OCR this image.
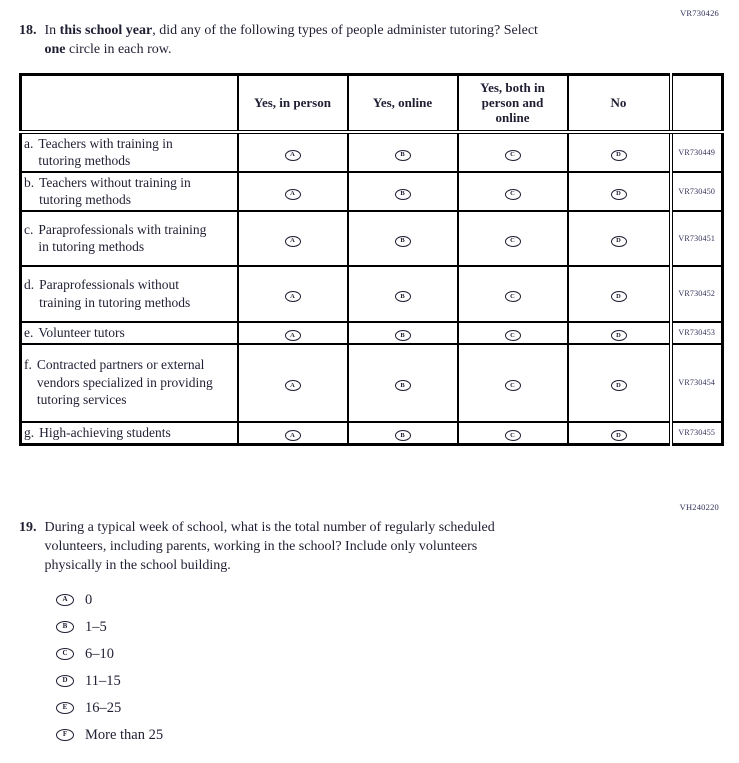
VR730426
18. In this school year, did any of the following types of people administer tutoring? Select
one circle in each row.
	Yes, in person	Yes, online	Yes, both in person and online	No	

a. Teachers with training in tutoring methods	A	B	C	D	VR730449

b. Teachers without training in tutoring methods	A	B	C	D	VR730450

c. Paraprofessionals with training in tutoring methods	A	B	C	D	VR730451

d. Paraprofessionals without training in tutoring methods	A	B	C	D	VR730452

e. Volunteer tutors	A	B	C	D	VR730453

f. Contracted partners or external vendors specialized in providing tutoring services	A	B	C	D	VR730454

g. High-achieving students	A	B	C	D	VR730455
VH240220
19. During a typical week of school, what is the total number of regularly scheduled
volunteers, including parents, working in the school? Include only volunteers
physically in the school building.
A	0
B	1–5
C	6–10
D	11–15
E	16–25
F	More than 25
